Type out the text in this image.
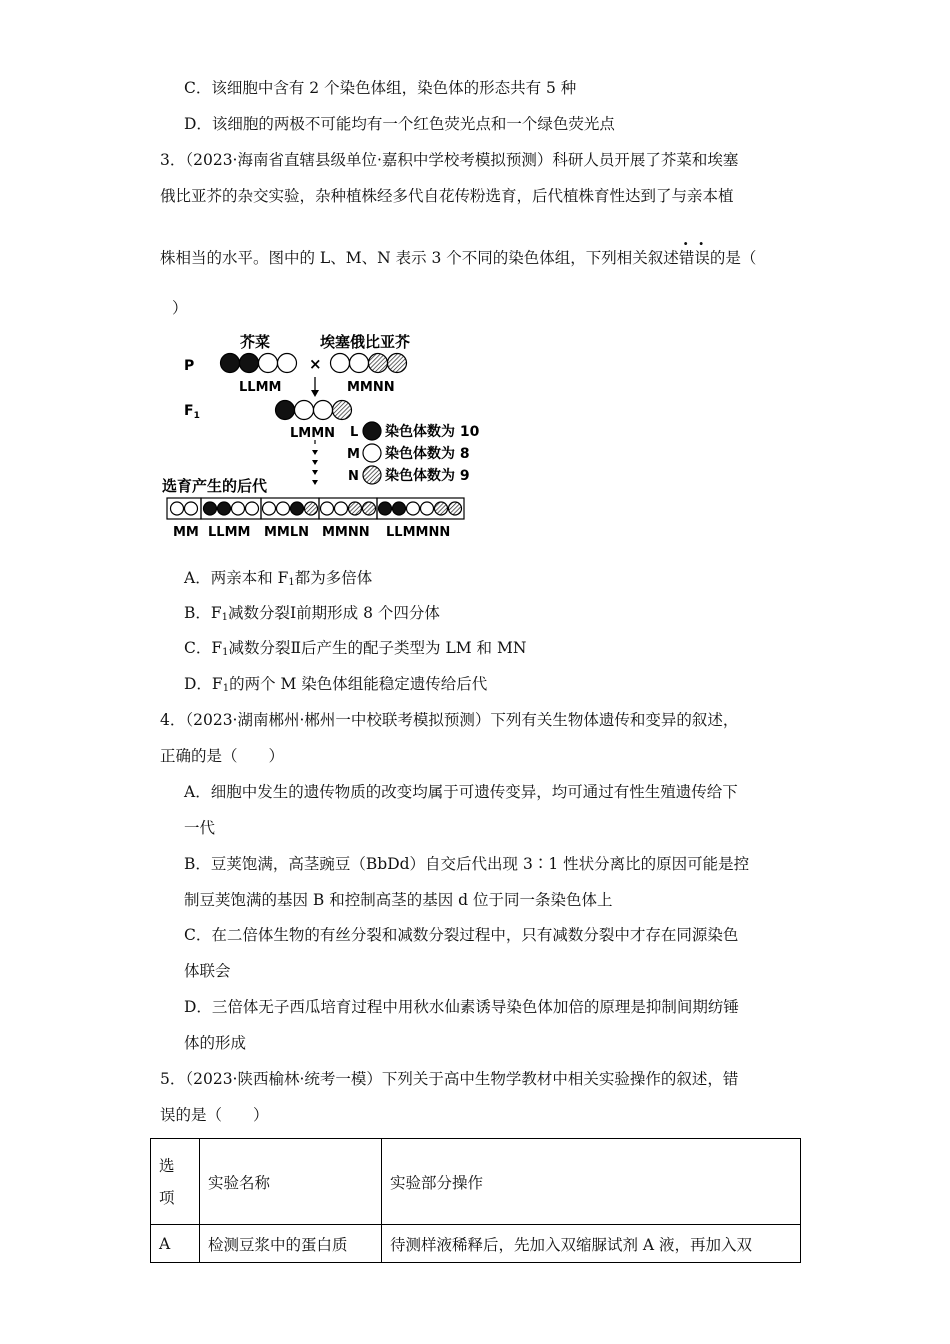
C．该细胞中含有 2 个染色体组，染色体的形态共有 5 种
D．该细胞的两极不可能均有一个红色荧光点和一个绿色荧光点
3．（2023·海南省直辖县级单位·嘉积中学校考模拟预测）科研人员开展了芥菜和埃塞
俄比亚芥的杂交实验，杂种植株经多代自花传粉选育，后代植株育性达到了与亲本植
株相当的水平。图中的 L、M、N 表示 3 个不同的染色体组，下列相关叙述错误的是（
）
芥菜	埃塞俄比亚芥
P	×
LLMM	MMNN
$F_1$
LMMN L 染色体数为 10
M 染色体数为 8
N 染色体数为 9
选育产生的后代
MM LLMM MMLN MMNN LLMMNN
A．两亲本和 $F_1$都为多倍体
B．$F_1$减数分裂Ⅰ前期形成 8 个四分体
C．$F_1$减数分裂Ⅱ后产生的配子类型为 LM 和 MN
D．$F_1$的两个 M 染色体组能稳定遗传给后代
4．（2023·湖南郴州·郴州一中校联考模拟预测）下列有关生物体遗传和变异的叙述，
正确的是（　　）
A．细胞中发生的遗传物质的改变均属于可遗传变异，均可通过有性生殖遗传给下
一代
B．豆荚饱满，高茎豌豆（BbDd）自交后代出现 3∶1 性状分离比的原因可能是控
制豆荚饱满的基因 B 和控制高茎的基因 d 位于同一条染色体上
C．在二倍体生物的有丝分裂和减数分裂过程中，只有减数分裂中才存在同源染色
体联会
D．三倍体无子西瓜培育过程中用秋水仙素诱导染色体加倍的原理是抑制间期纺锤
体的形成
5．（2023·陕西榆林·统考一模）下列关于高中生物学教材中相关实验操作的叙述，错
误的是（　　）
选
项	实验名称	实验部分操作
A	检测豆浆中的蛋白质	待测样液稀释后，先加入双缩脲试剂 A 液，再加入双
